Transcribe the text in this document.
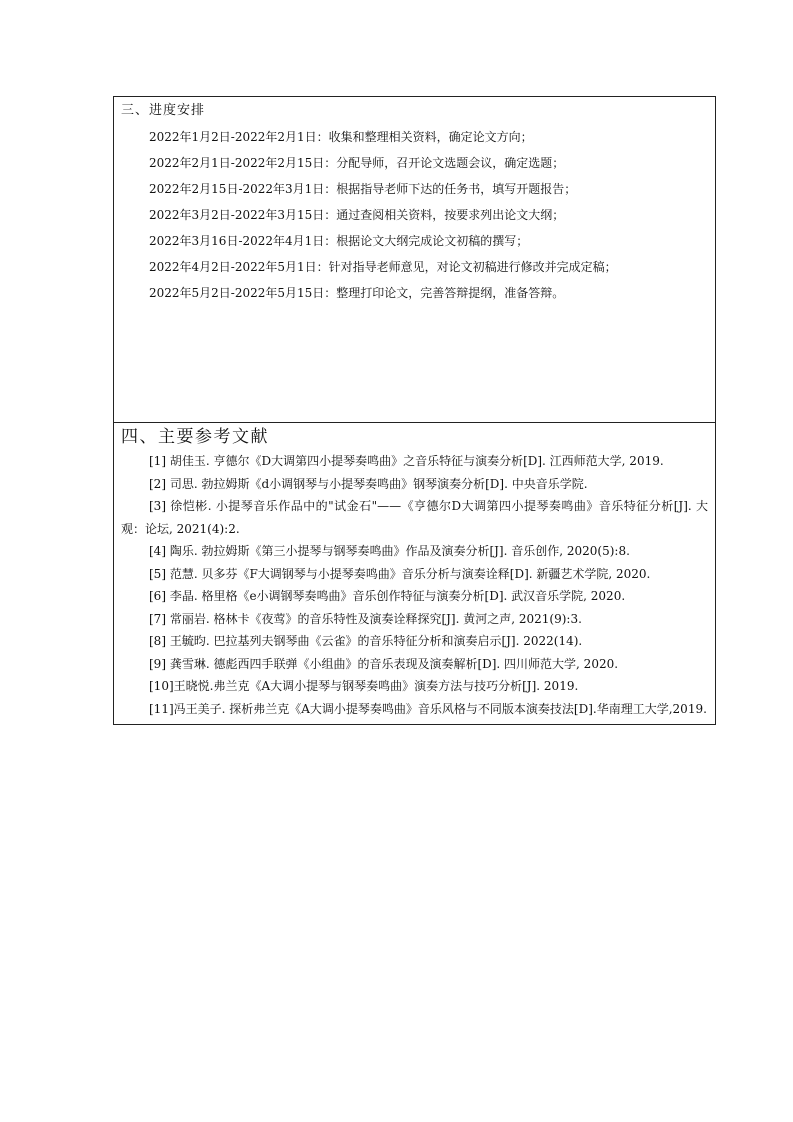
三、进度安排
2022年1月2日-2022年2月1日：收集和整理相关资料，确定论文方向；
2022年2月1日-2022年2月15日：分配导师，召开论文选题会议，确定选题；
2022年2月15日-2022年3月1日：根据指导老师下达的任务书，填写开题报告；
2022年3月2日-2022年3月15日：通过查阅相关资料，按要求列出论文大纲；
2022年3月16日-2022年4月1日：根据论文大纲完成论文初稿的撰写；
2022年4月2日-2022年5月1日：针对指导老师意见，对论文初稿进行修改并完成定稿；
2022年5月2日-2022年5月15日：整理打印论文，完善答辩提纲，准备答辩。
四、主要参考文献
[1] 胡佳玉. 亨德尔《D大调第四小提琴奏鸣曲》之音乐特征与演奏分析[D]. 江西师范大学, 2019.
[2] 司思. 勃拉姆斯《d小调钢琴与小提琴奏鸣曲》钢琴演奏分析[D]. 中央音乐学院.
[3] 徐恺彬. 小提琴音乐作品中的"试金石"——《亨德尔D大调第四小提琴奏鸣曲》音乐特征分析[J]. 大观：论坛, 2021(4):2.
[4] 陶乐. 勃拉姆斯《第三小提琴与钢琴奏鸣曲》作品及演奏分析[J]. 音乐创作, 2020(5):8.
[5] 范慧. 贝多芬《F大调钢琴与小提琴奏鸣曲》音乐分析与演奏诠释[D]. 新疆艺术学院, 2020.
[6] 李晶. 格里格《e小调钢琴奏鸣曲》音乐创作特征与演奏分析[D]. 武汉音乐学院, 2020.
[7] 常丽岩. 格林卡《夜莺》的音乐特性及演奏诠释探究[J]. 黄河之声, 2021(9):3.
[8] 王毓昀. 巴拉基列夫钢琴曲《云雀》的音乐特征分析和演奏启示[J]. 2022(14).
[9] 龚雪琳. 德彪西四手联弹《小组曲》的音乐表现及演奏解析[D]. 四川师范大学, 2020.
[10]王晓悦.弗兰克《A大调小提琴与钢琴奏鸣曲》演奏方法与技巧分析[J]. 2019.
[11]冯王美子. 探析弗兰克《A大调小提琴奏鸣曲》音乐风格与不同版本演奏技法[D].华南理工大学,2019.
